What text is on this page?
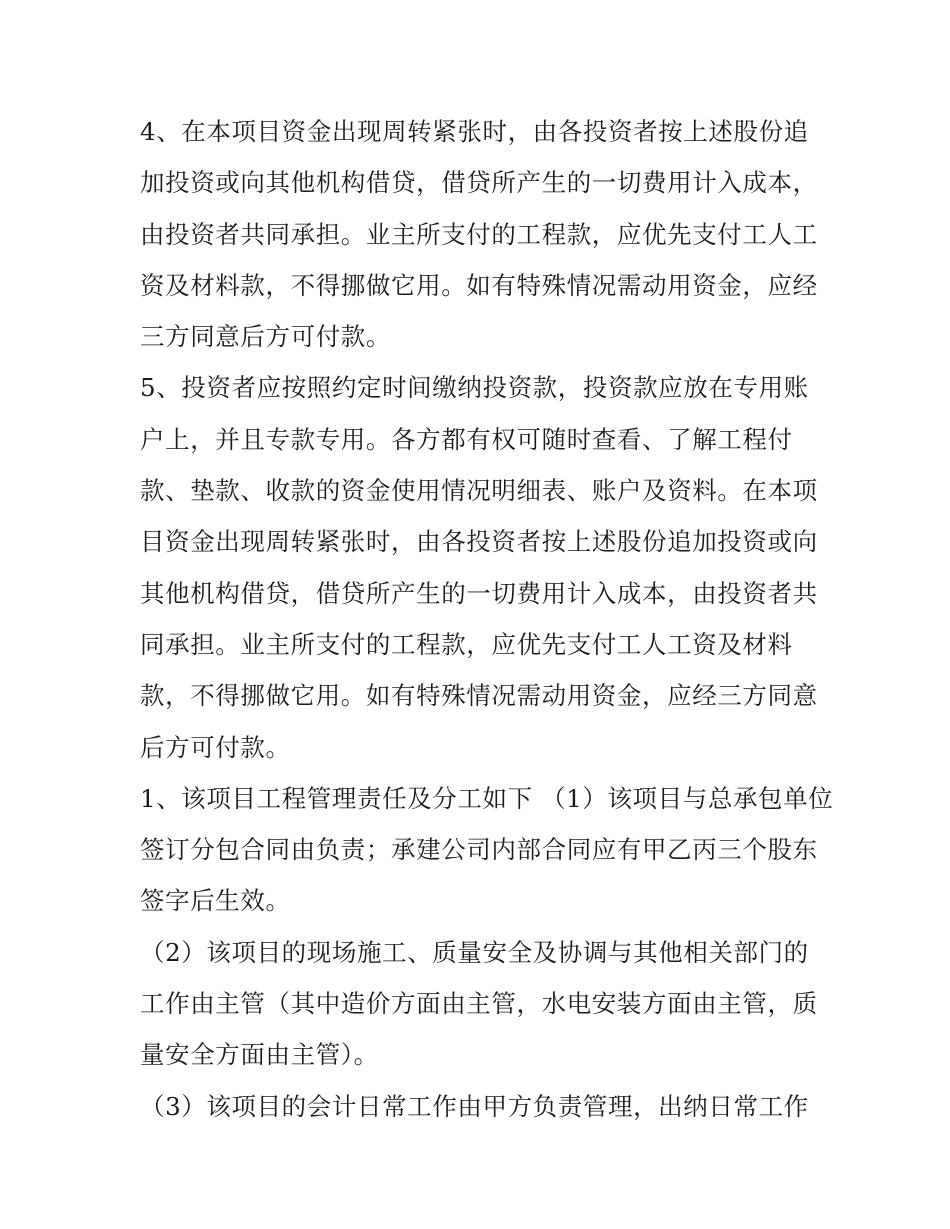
4、在本项目资金出现周转紧张时，由各投资者按上述股份追
加投资或向其他机构借贷，借贷所产生的一切费用计入成本，
由投资者共同承担。业主所支付的工程款，应优先支付工人工
资及材料款，不得挪做它用。如有特殊情况需动用资金，应经
三方同意后方可付款。
5、投资者应按照约定时间缴纳投资款，投资款应放在专用账
户上，并且专款专用。各方都有权可随时查看、了解工程付
款、垫款、收款的资金使用情况明细表、账户及资料。在本项
目资金出现周转紧张时，由各投资者按上述股份追加投资或向
其他机构借贷，借贷所产生的一切费用计入成本，由投资者共
同承担。业主所支付的工程款，应优先支付工人工资及材料
款，不得挪做它用。如有特殊情况需动用资金，应经三方同意
后方可付款。
1、该项目工程管理责任及分工如下 （1）该项目与总承包单位
签订分包合同由负责；承建公司内部合同应有甲乙丙三个股东
签字后生效。
（2）该项目的现场施工、质量安全及协调与其他相关部门的
工作由主管（其中造价方面由主管，水电安装方面由主管，质
量安全方面由主管）。
（3）该项目的会计日常工作由甲方负责管理，出纳日常工作
